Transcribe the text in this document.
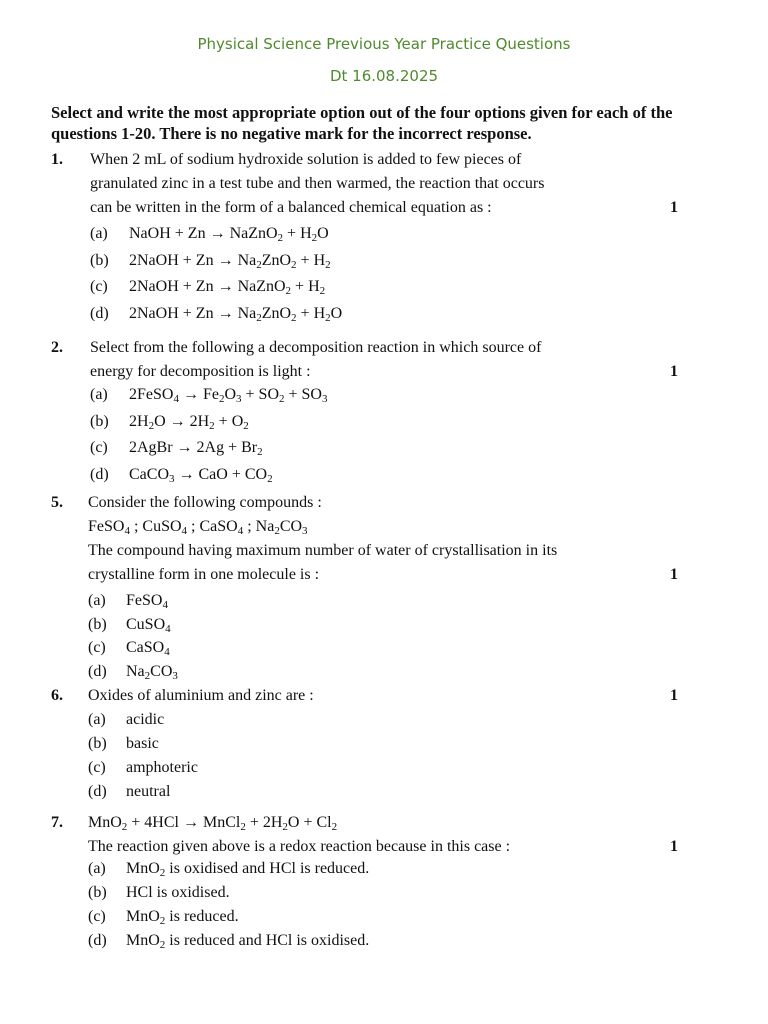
Physical Science Previous Year Practice Questions
Dt 16.08.2025
Select and write the most appropriate option out of the four options given for each of the questions 1-20. There is no negative mark for the incorrect response.
1. When 2 mL of sodium hydroxide solution is added to few pieces of
granulated zinc in a test tube and then warmed, the reaction that occurs
can be written in the form of a balanced chemical equation as :	1
(a) NaOH + Zn → NaZnO$_2$ + $H_2O$
(b) 2NaOH + $Zn \to Na_2ZnO_2 + H_2$
(c) 2NaOH + Zn → NaZnO$_2$ + $H_2$
(d) 2NaOH + $Zn \to Na_2ZnO_2 + H_2O$
2. Select from the following a decomposition reaction in which source of
energy for decomposition is light :	1
(a) 2FeSO$_4$ → $Fe_2O_3 + SO_2 + SO_3$
(b) $2H_2O \to 2H_2 + O_2$
(c) 2AgBr → $2Ag + Br_2$
(d) CaCO$_3$ → CaO + $CO_2$
5. Consider the following compounds :
FeSO$_4$ ; CuSO$_4$ ; CaSO$_4$ ; $Na_2CO_3$
The compound having maximum number of water of crystallisation in its
crystalline form in one molecule is :	1
(a) FeSO$_4$
(b) CuSO$_4$
(c) CaSO$_4$
(d) $Na_2CO_3$
6. Oxides of aluminium and zinc are :	1
(a) acidic
(b) basic
(c) amphoteric
(d) neutral
7. MnO$_2$ + 4HCl → MnCl$_2$ + $2H_2O + Cl_2$
The reaction given above is a redox reaction because in this case :	1
(a) MnO$_2$ is oxidised and HCl is reduced.
(b) HCl is oxidised.
(c) MnO$_2$ is reduced.
(d) MnO$_2$ is reduced and HCl is oxidised.
